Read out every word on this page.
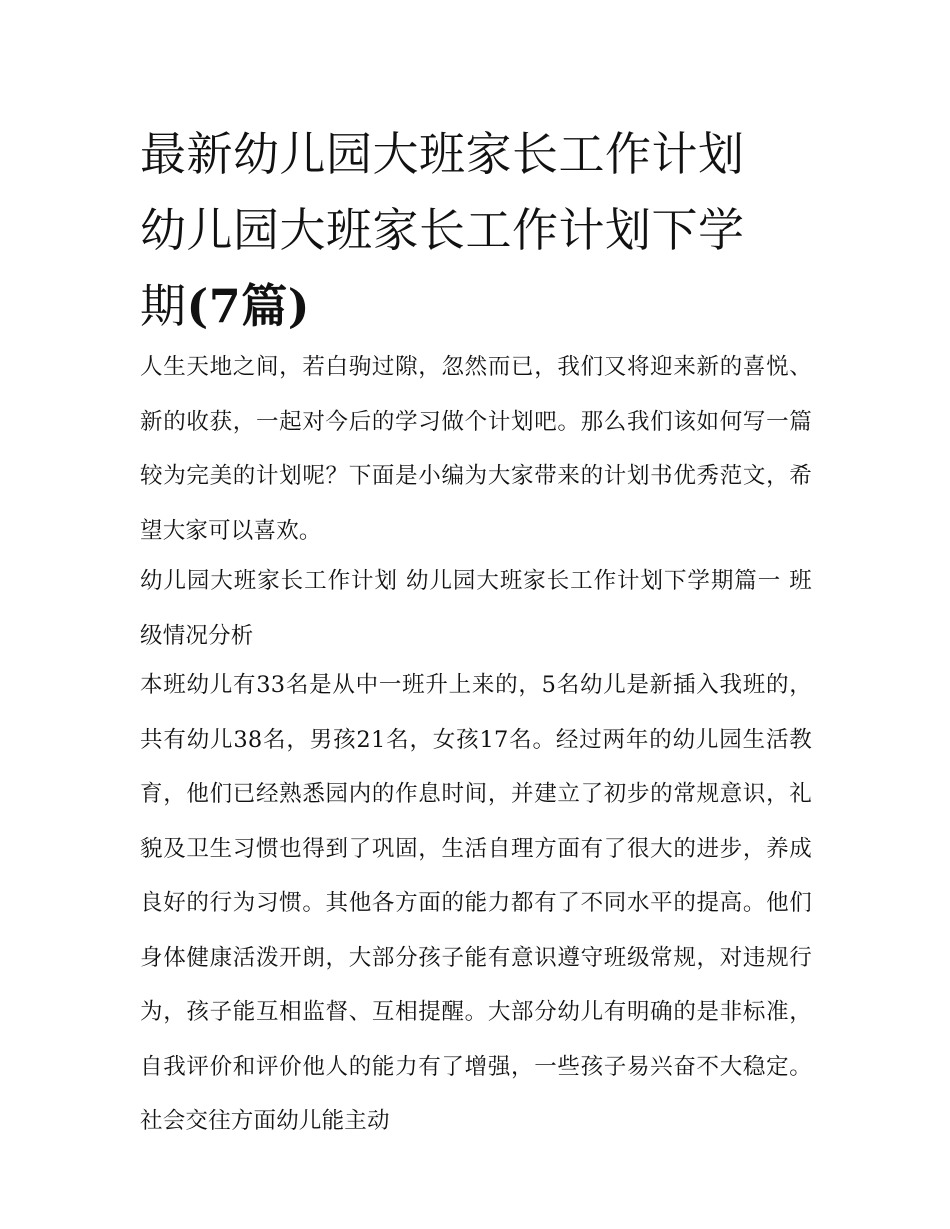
最新幼儿园大班家长工作计划
幼儿园大班家长工作计划下学
期(7篇)

人生天地之间，若白驹过隙，忽然而已，我们又将迎来新的喜悦、新的收获，一起对今后的学习做个计划吧。那么我们该如何写一篇较为完美的计划呢？下面是小编为大家带来的计划书优秀范文，希望大家可以喜欢。

幼儿园大班家长工作计划 幼儿园大班家长工作计划下学期篇一 班级情况分析

本班幼儿有33名是从中一班升上来的，5名幼儿是新插入我班的，共有幼儿38名，男孩21名，女孩17名。经过两年的幼儿园生活教育，他们已经熟悉园内的作息时间，并建立了初步的常规意识，礼貌及卫生习惯也得到了巩固，生活自理方面有了很大的进步，养成良好的行为习惯。其他各方面的能力都有了不同水平的提高。他们身体健康活泼开朗，大部分孩子能有意识遵守班级常规，对违规行为，孩子能互相监督、互相提醒。大部分幼儿有明确的是非标准，自我评价和评价他人的能力有了增强，一些孩子易兴奋不大稳定。社会交往方面幼儿能主动
